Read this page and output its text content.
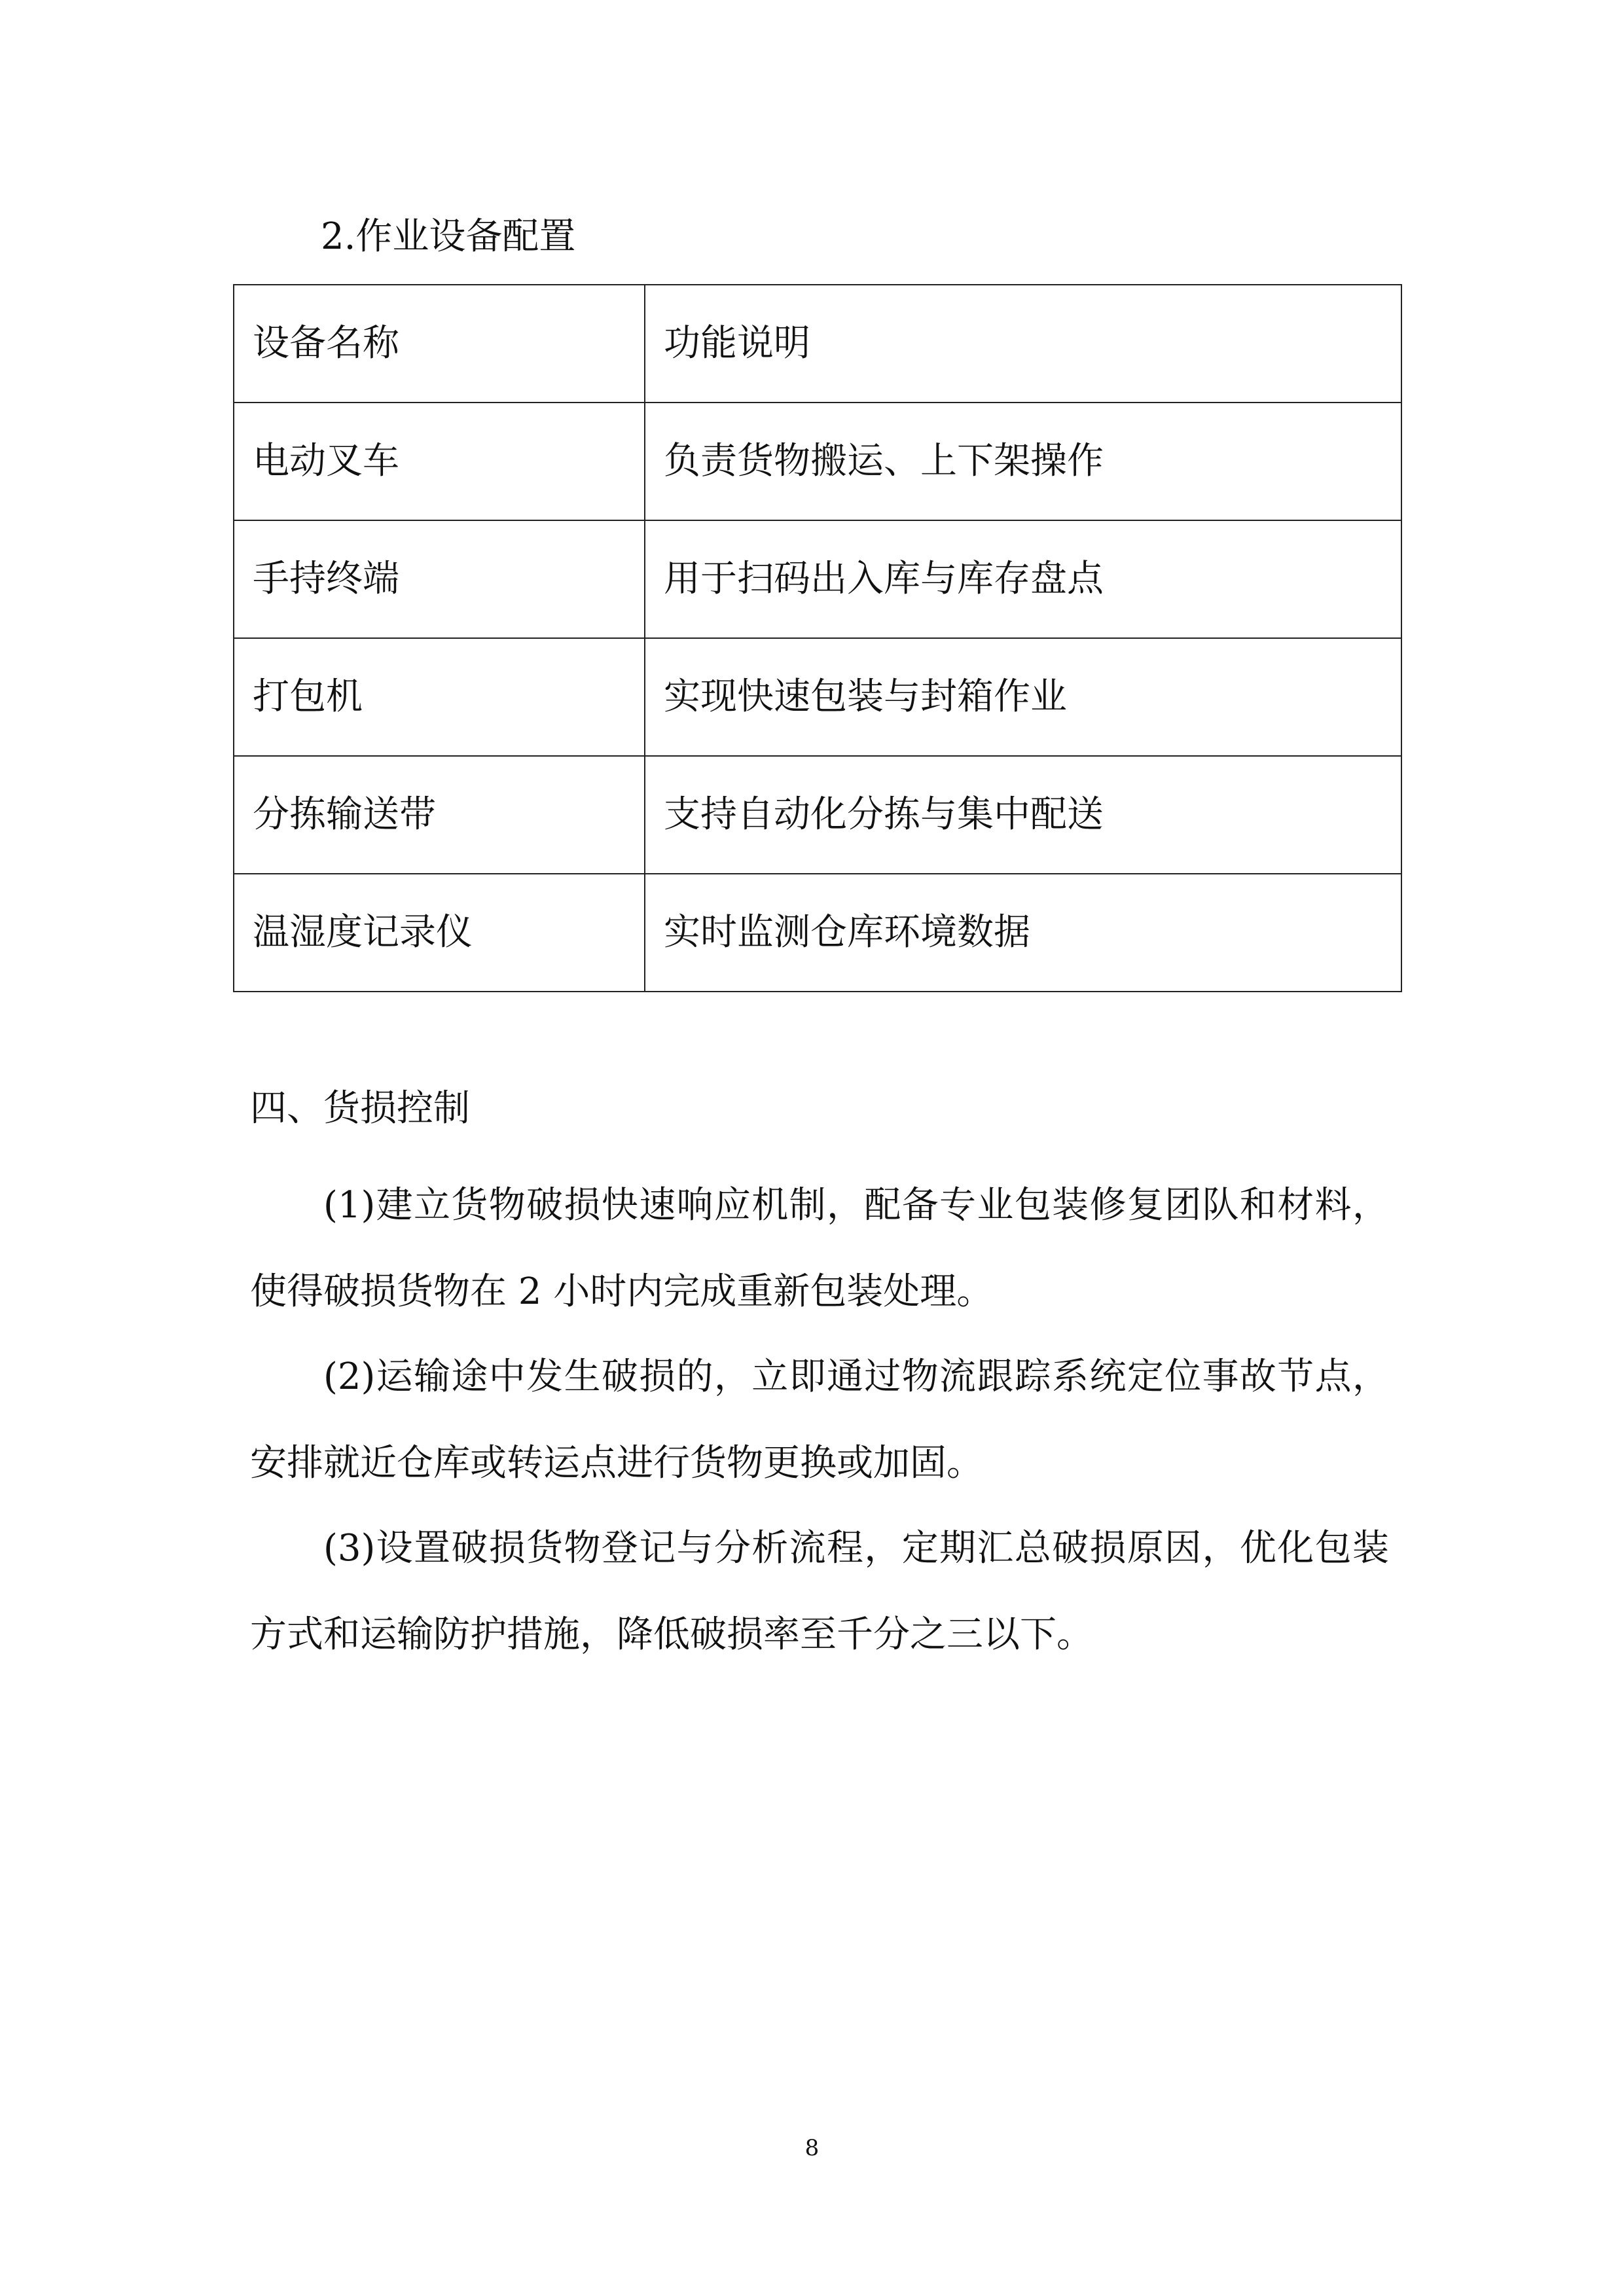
2.作业设备配置
设备名称	功能说明
电动叉车	负责货物搬运、上下架操作
手持终端	用于扫码出入库与库存盘点
打包机	实现快速包装与封箱作业
分拣输送带	支持自动化分拣与集中配送
温湿度记录仪	实时监测仓库环境数据
四、货损控制

(1)建立货物破损快速响应机制，配备专业包装修复团队和材料，使得破损货物在 2 小时内完成重新包装处理。

(2)运输途中发生破损的，立即通过物流跟踪系统定位事故节点，安排就近仓库或转运点进行货物更换或加固。

(3)设置破损货物登记与分析流程，定期汇总破损原因，优化包装方式和运输防护措施，降低破损率至千分之三以下。

8
